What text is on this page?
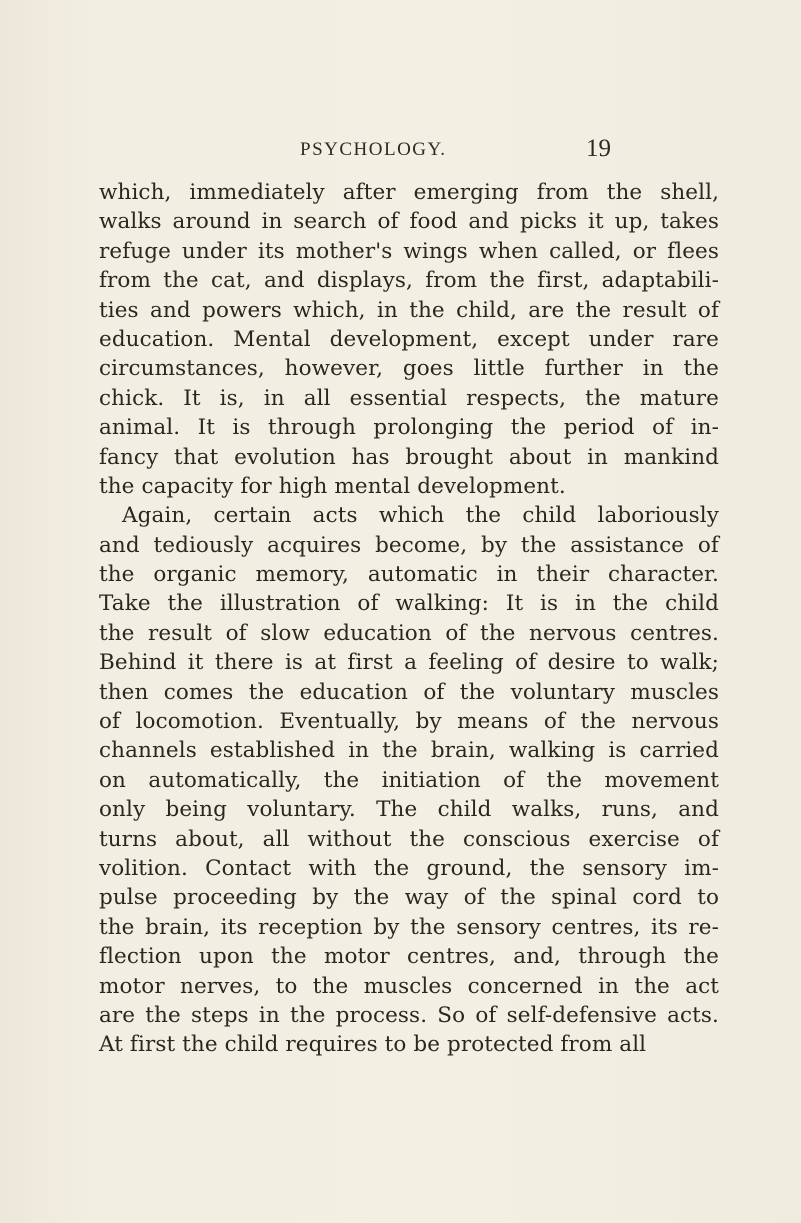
PSYCHOLOGY.	19
which, immediately after emerging from the shell,
walks around in search of food and picks it up, takes
refuge under its mother's wings when called, or flees
from the cat, and displays, from the first, adaptabili-
ties and powers which, in the child, are the result of
education. Mental development, except under rare
circumstances, however, goes little further in the
chick. It is, in all essential respects, the mature
animal. It is through prolonging the period of in-
fancy that evolution has brought about in mankind
the capacity for high mental development.
Again, certain acts which the child laboriously
and tediously acquires become, by the assistance of
the organic memory, automatic in their character.
Take the illustration of walking: It is in the child
the result of slow education of the nervous centres.
Behind it there is at first a feeling of desire to walk;
then comes the education of the voluntary muscles
of locomotion. Eventually, by means of the nervous
channels established in the brain, walking is carried
on automatically, the initiation of the movement
only being voluntary. The child walks, runs, and
turns about, all without the conscious exercise of
volition. Contact with the ground, the sensory im-
pulse proceeding by the way of the spinal cord to
the brain, its reception by the sensory centres, its re-
flection upon the motor centres, and, through the
motor nerves, to the muscles concerned in the act
are the steps in the process. So of self-defensive acts.
At first the child requires to be protected from all
